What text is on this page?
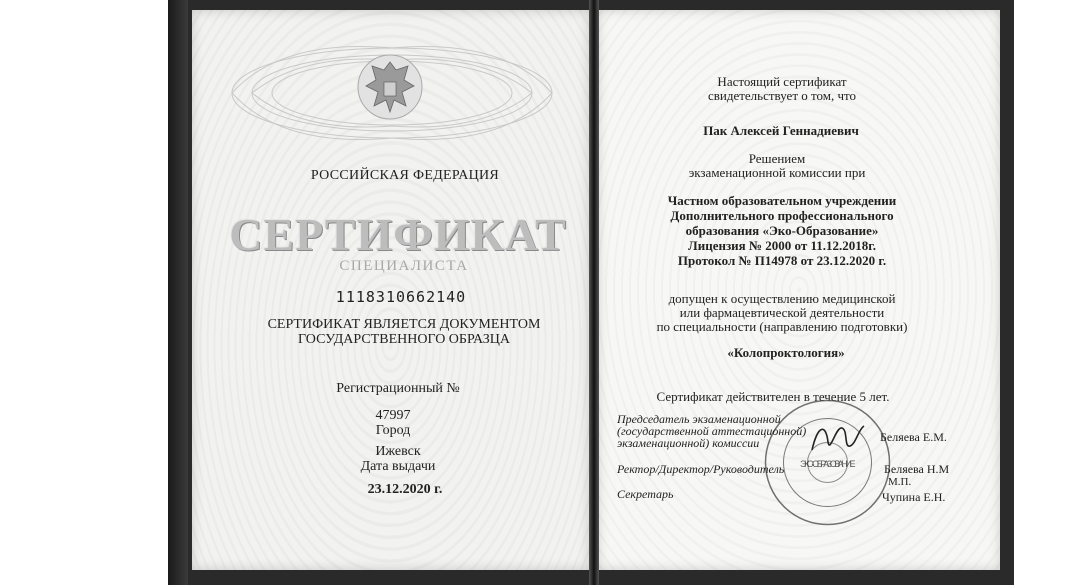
РОССИЙСКАЯ ФЕДЕРАЦИЯ
СЕРТИФИКАТ
СПЕЦИАЛИСТА
1118310662140
СЕРТИФИКАТ ЯВЛЯЕТСЯ ДОКУМЕНТОМ
ГОСУДАРСТВЕННОГО ОБРАЗЦА
Регистрационный №
47997
Город
Ижевск
Дата выдачи
23.12.2020 г.
Настоящий сертификат
свидетельствует о том, что
Пак Алексей Геннадиевич
Решением
экзаменационной комиссии при
Частном образовательном учреждении
Дополнительного профессионального
образования «Эко-Образование»
Лицензия № 2000 от 11.12.2018г.
Протокол № П14978 от 23.12.2020 г.
допущен к осуществлению медицинской
или фармацевтической деятельности
по специальности (направлению подготовки)
«Колопроктология»
Сертификат действителен в течение 5 лет.
ЭКО-ОБРАЗОВАНИЕ
Председатель экзаменационной
(государственной аттестационной)
экзаменационной) комиссии	Беляева Е.М.
Ректор/Директор/Руководитель	Беляева Н.М
М.П.
Секретарь	Чупина Е.Н.
